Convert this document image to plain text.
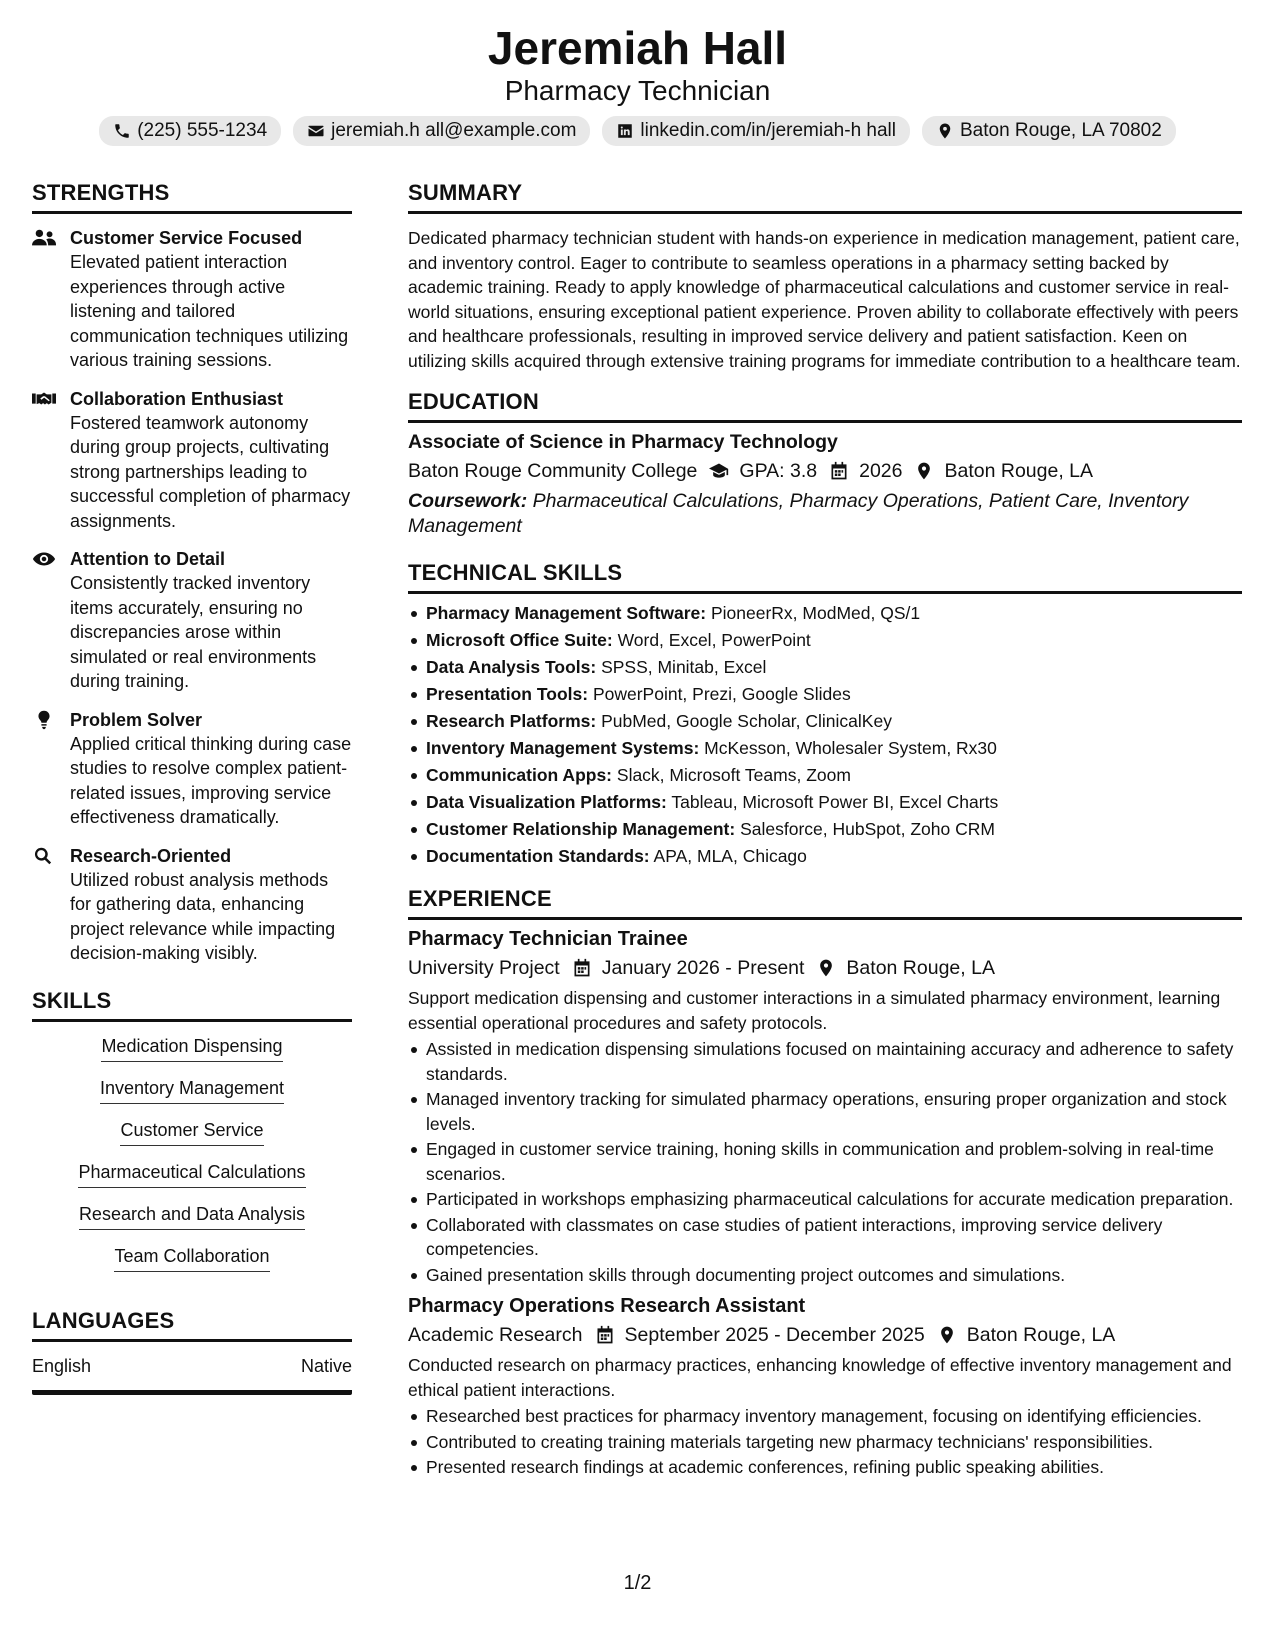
Jeremiah Hall
Pharmacy Technician
(225) 555-1234	jeremiah.h all@example.com	linkedin.com/in/jeremiah-h hall	Baton Rouge, LA 70802
STRENGTHS
Customer Service Focused
Elevated patient interaction experiences through active listening and tailored communication techniques utilizing various training sessions.
Collaboration Enthusiast
Fostered teamwork autonomy during group projects, cultivating strong partnerships leading to successful completion of pharmacy assignments.
Attention to Detail
Consistently tracked inventory items accurately, ensuring no discrepancies arose within simulated or real environments during training.
Problem Solver
Applied critical thinking during case studies to resolve complex patient-related issues, improving service effectiveness dramatically.
Research-Oriented
Utilized robust analysis methods for gathering data, enhancing project relevance while impacting decision-making visibly.
SKILLS
Medication Dispensing
Inventory Management
Customer Service
Pharmaceutical Calculations
Research and Data Analysis
Team Collaboration
LANGUAGES
English	Native
SUMMARY
Dedicated pharmacy technician student with hands-on experience in medication management, patient care, and inventory control. Eager to contribute to seamless operations in a pharmacy setting backed by academic training. Ready to apply knowledge of pharmaceutical calculations and customer service in real-world situations, ensuring exceptional patient experience. Proven ability to collaborate effectively with peers and healthcare professionals, resulting in improved service delivery and patient satisfaction. Keen on utilizing skills acquired through extensive training programs for immediate contribution to a healthcare team.
EDUCATION
Associate of Science in Pharmacy Technology
Baton Rouge Community College GPA: 3.8 2026 Baton Rouge, LA
Coursework: Pharmaceutical Calculations, Pharmacy Operations, Patient Care, Inventory Management
TECHNICAL SKILLS
Pharmacy Management Software: PioneerRx, ModMed, QS/1
Microsoft Office Suite: Word, Excel, PowerPoint
Data Analysis Tools: SPSS, Minitab, Excel
Presentation Tools: PowerPoint, Prezi, Google Slides
Research Platforms: PubMed, Google Scholar, ClinicalKey
Inventory Management Systems: McKesson, Wholesaler System, Rx30
Communication Apps: Slack, Microsoft Teams, Zoom
Data Visualization Platforms: Tableau, Microsoft Power BI, Excel Charts
Customer Relationship Management: Salesforce, HubSpot, Zoho CRM
Documentation Standards: APA, MLA, Chicago
EXPERIENCE
Pharmacy Technician Trainee
University Project January 2026 - Present Baton Rouge, LA
Support medication dispensing and customer interactions in a simulated pharmacy environment, learning essential operational procedures and safety protocols.
Assisted in medication dispensing simulations focused on maintaining accuracy and adherence to safety standards.
Managed inventory tracking for simulated pharmacy operations, ensuring proper organization and stock levels.
Engaged in customer service training, honing skills in communication and problem-solving in real-time scenarios.
Participated in workshops emphasizing pharmaceutical calculations for accurate medication preparation.
Collaborated with classmates on case studies of patient interactions, improving service delivery competencies.
Gained presentation skills through documenting project outcomes and simulations.
Pharmacy Operations Research Assistant
Academic Research September 2025 - December 2025 Baton Rouge, LA
Conducted research on pharmacy practices, enhancing knowledge of effective inventory management and ethical patient interactions.
Researched best practices for pharmacy inventory management, focusing on identifying efficiencies.
Contributed to creating training materials targeting new pharmacy technicians' responsibilities.
Presented research findings at academic conferences, refining public speaking abilities.
1/2
